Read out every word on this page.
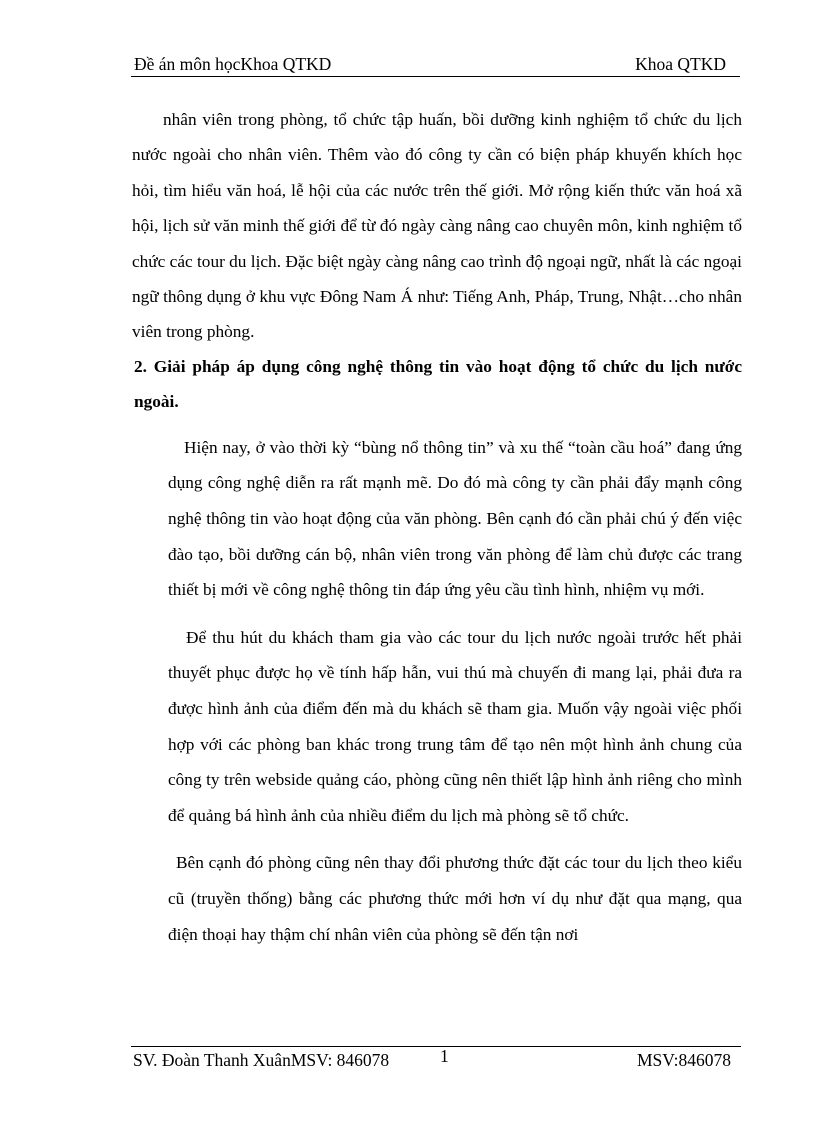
Đề án môn họcKhoa QTKD	Khoa QTKD

nhân viên trong phòng, tổ chức tập huấn, bồi dưỡng kinh nghiệm tổ chức du lịch nước ngoài cho nhân viên. Thêm vào đó công ty cần có biện pháp khuyến khích học hỏi, tìm hiểu văn hoá, lễ hội của các nước trên thế giới. Mở rộng kiến thức văn hoá xã hội, lịch sử văn minh thế giới để từ đó ngày càng nâng cao chuyên môn, kinh nghiệm tổ chức các tour du lịch. Đặc biệt ngày càng nâng cao trình độ ngoại ngữ, nhất là các ngoại ngữ thông dụng ở khu vực Đông Nam Á như: Tiếng Anh, Pháp, Trung, Nhật…cho nhân viên trong phòng.

2. Giải pháp áp dụng công nghệ thông tin vào hoạt động tổ chức du lịch nước ngoài.

Hiện nay, ở vào thời kỳ “bùng nổ thông tin” và xu thế “toàn cầu hoá” đang ứng dụng công nghệ diễn ra rất mạnh mẽ. Do đó mà công ty cần phải đẩy mạnh công nghệ thông tin vào hoạt động của văn phòng. Bên cạnh đó cần phải chú ý đến việc đào tạo, bồi dưỡng cán bộ, nhân viên trong văn phòng để làm chủ được các trang thiết bị mới về công nghệ thông tin đáp ứng yêu cầu tình hình, nhiệm vụ mới.

Để thu hút du khách tham gia vào các tour du lịch nước ngoài trước hết phải thuyết phục được họ về tính hấp hẫn, vui thú mà chuyến đi mang lại, phải đưa ra được hình ảnh của điểm đến mà du khách sẽ tham gia. Muốn vậy ngoài việc phối hợp với các phòng ban khác trong trung tâm để tạo nên một hình ảnh chung của công ty trên webside quảng cáo, phòng cũng nên thiết lập hình ảnh riêng cho mình để quảng bá hình ảnh của nhiều điểm du lịch mà phòng sẽ tổ chức.

Bên cạnh đó phòng cũng nên thay đổi phương thức đặt các tour du lịch theo kiểu cũ (truyền thống) bằng các phương thức mới hơn ví dụ như đặt qua mạng, qua điện thoại hay thậm chí nhân viên của phòng sẽ đến tận nơi

SV. Đoàn Thanh XuânMSV: 846078	1	MSV:846078
